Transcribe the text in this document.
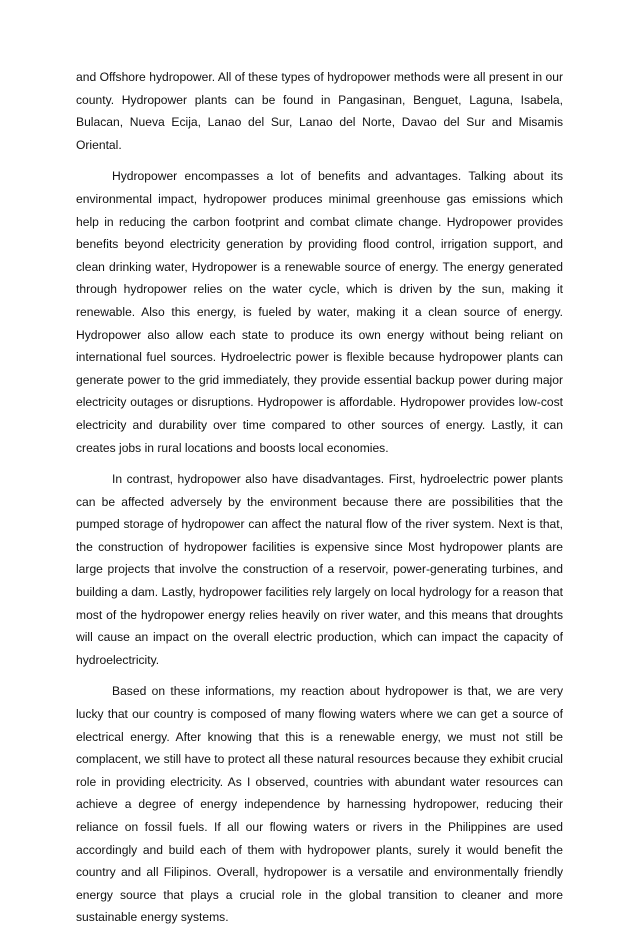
and Offshore hydropower. All of these types of hydropower methods were all present in our county. Hydropower plants can be found in Pangasinan, Benguet, Laguna, Isabela, Bulacan, Nueva Ecija, Lanao del Sur, Lanao del Norte, Davao del Sur and Misamis Oriental.

Hydropower encompasses a lot of benefits and advantages. Talking about its environmental impact, hydropower produces minimal greenhouse gas emissions which help in reducing the carbon footprint and combat climate change. Hydropower provides benefits beyond electricity generation by providing flood control, irrigation support, and clean drinking water, Hydropower is a renewable source of energy. The energy generated through hydropower relies on the water cycle, which is driven by the sun, making it renewable. Also this energy, is fueled by water, making it a clean source of energy. Hydropower also allow each state to produce its own energy without being reliant on international fuel sources. Hydroelectric power is flexible because hydropower plants can generate power to the grid immediately, they provide essential backup power during major electricity outages or disruptions. Hydropower is affordable. Hydropower provides low-cost electricity and durability over time compared to other sources of energy. Lastly, it can creates jobs in rural locations and boosts local economies.

In contrast, hydropower also have disadvantages. First, hydroelectric power plants can be affected adversely by the environment because there are possibilities that the pumped storage of hydropower can affect the natural flow of the river system. Next is that, the construction of hydropower facilities is expensive since Most hydropower plants are large projects that involve the construction of a reservoir, power-generating turbines, and building a dam. Lastly, hydropower facilities rely largely on local hydrology for a reason that most of the hydropower energy relies heavily on river water, and this means that droughts will cause an impact on the overall electric production, which can impact the capacity of hydroelectricity.

Based on these informations, my reaction about hydropower is that, we are very lucky that our country is composed of many flowing waters where we can get a source of electrical energy. After knowing that this is a renewable energy, we must not still be complacent, we still have to protect all these natural resources because they exhibit crucial role in providing electricity. As I observed, countries with abundant water resources can achieve a degree of energy independence by harnessing hydropower, reducing their reliance on fossil fuels. If all our flowing waters or rivers in the Philippines are used accordingly and build each of them with hydropower plants, surely it would benefit the country and all Filipinos. Overall, hydropower is a versatile and environmentally friendly energy source that plays a crucial role in the global transition to cleaner and more sustainable energy systems.
